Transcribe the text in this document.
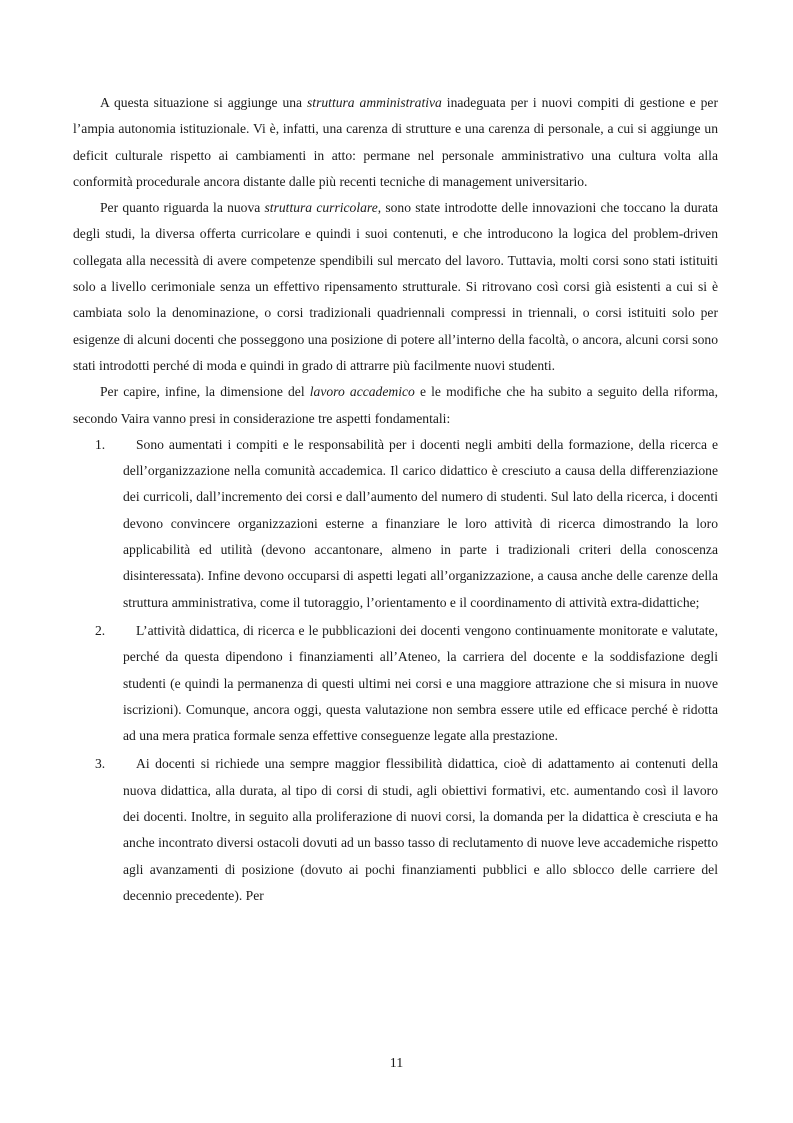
A questa situazione si aggiunge una struttura amministrativa inadeguata per i nuovi compiti di gestione e per l’ampia autonomia istituzionale. Vi è, infatti, una carenza di strutture e una carenza di personale, a cui si aggiunge un deficit culturale rispetto ai cambiamenti in atto: permane nel personale amministrativo una cultura volta alla conformità procedurale ancora distante dalle più recenti tecniche di management universitario.

Per quanto riguarda la nuova struttura curricolare, sono state introdotte delle innovazioni che toccano la durata degli studi, la diversa offerta curricolare e quindi i suoi contenuti, e che introducono la logica del problem-driven collegata alla necessità di avere competenze spendibili sul mercato del lavoro. Tuttavia, molti corsi sono stati istituiti solo a livello cerimoniale senza un effettivo ripensamento strutturale. Si ritrovano così corsi già esistenti a cui si è cambiata solo la denominazione, o corsi tradizionali quadriennali compressi in triennali, o corsi istituiti solo per esigenze di alcuni docenti che posseggono una posizione di potere all’interno della facoltà, o ancora, alcuni corsi sono stati introdotti perché di moda e quindi in grado di attrarre più facilmente nuovi studenti.

Per capire, infine, la dimensione del lavoro accademico e le modifiche che ha subito a seguito della riforma, secondo Vaira vanno presi in considerazione tre aspetti fondamentali:

1.	Sono aumentati i compiti e le responsabilità per i docenti negli ambiti della formazione, della ricerca e dell’organizzazione nella comunità accademica. Il carico didattico è cresciuto a causa della differenziazione dei curricoli, dall’incremento dei corsi e dall’aumento del numero di studenti. Sul lato della ricerca, i docenti devono convincere organizzazioni esterne a finanziare le loro attività di ricerca dimostrando la loro applicabilità ed utilità (devono accantonare, almeno in parte i tradizionali criteri della conoscenza disinteressata). Infine devono occuparsi di aspetti legati all’organizzazione, a causa anche delle carenze della struttura amministrativa, come il tutoraggio, l’orientamento e il coordinamento di attività extra-didattiche;
2.	L’attività didattica, di ricerca e le pubblicazioni dei docenti vengono continuamente monitorate e valutate, perché da questa dipendono i finanziamenti all’Ateneo, la carriera del docente e la soddisfazione degli studenti (e quindi la permanenza di questi ultimi nei corsi e una maggiore attrazione che si misura in nuove iscrizioni). Comunque, ancora oggi, questa valutazione non sembra essere utile ed efficace perché è ridotta ad una mera pratica formale senza effettive conseguenze legate alla prestazione.
3.	Ai docenti si richiede una sempre maggior flessibilità didattica, cioè di adattamento ai contenuti della nuova didattica, alla durata, al tipo di corsi di studi, agli obiettivi formativi, etc. aumentando così il lavoro dei docenti. Inoltre, in seguito alla proliferazione di nuovi corsi, la domanda per la didattica è cresciuta e ha anche incontrato diversi ostacoli dovuti ad un basso tasso di reclutamento di nuove leve accademiche rispetto agli avanzamenti di posizione (dovuto ai pochi finanziamenti pubblici e allo sblocco delle carriere del decennio precedente). Per
11
